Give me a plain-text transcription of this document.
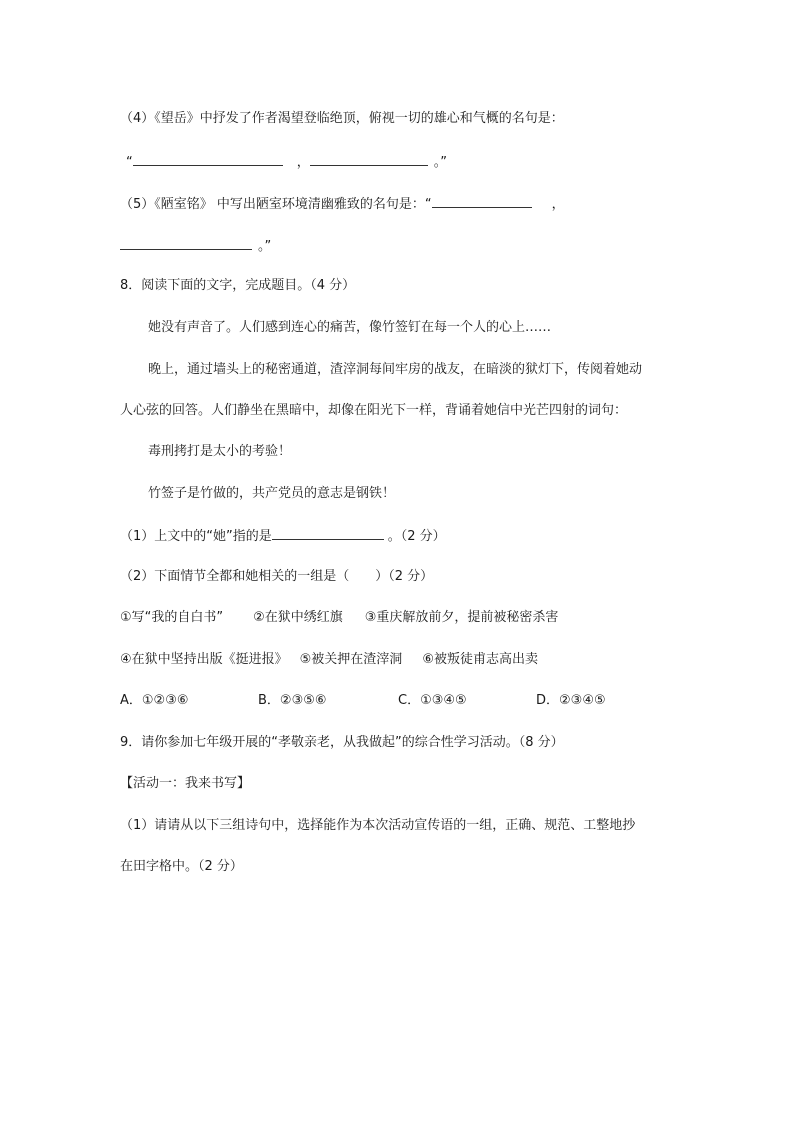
（4）《望岳》中抒发了作者渴望登临绝顶，俯视一切的雄心和气概的名句是：
“	，	。”
（5）《陋室铭》 中写出陋室环境清幽雅致的名句是：“	，
。”
8．阅读下面的文字，完成题目。（4 分）
她没有声音了。人们感到连心的痛苦，像竹签钉在每一个人的心上……
晚上，通过墙头上的秘密通道，渣滓洞每间牢房的战友，在暗淡的狱灯下，传阅着她动
人心弦的回答。人们静坐在黑暗中，却像在阳光下一样，背诵着她信中光芒四射的词句：
毒刑拷打是太小的考验！
竹签子是竹做的，共产党员的意志是钢铁！
（1）上文中的“她”指的是	。（2 分）
（2）下面情节全都和她相关的一组是（　　）（2 分）
①写“我的自白书” ②在狱中绣红旗 ③重庆解放前夕，提前被秘密杀害
④在狱中坚持出版《挺进报》 ⑤被关押在渣滓洞 ⑥被叛徒甫志高出卖
A．①②③⑥	B．②③⑤⑥	C．①③④⑤	D．②③④⑤
9．请你参加七年级开展的“孝敬亲老，从我做起”的综合性学习活动。（8 分）
【活动一：我来书写】
（1）请请从以下三组诗句中，选择能作为本次活动宣传语的一组，正确、规范、工整地抄
在田字格中。（2 分）
